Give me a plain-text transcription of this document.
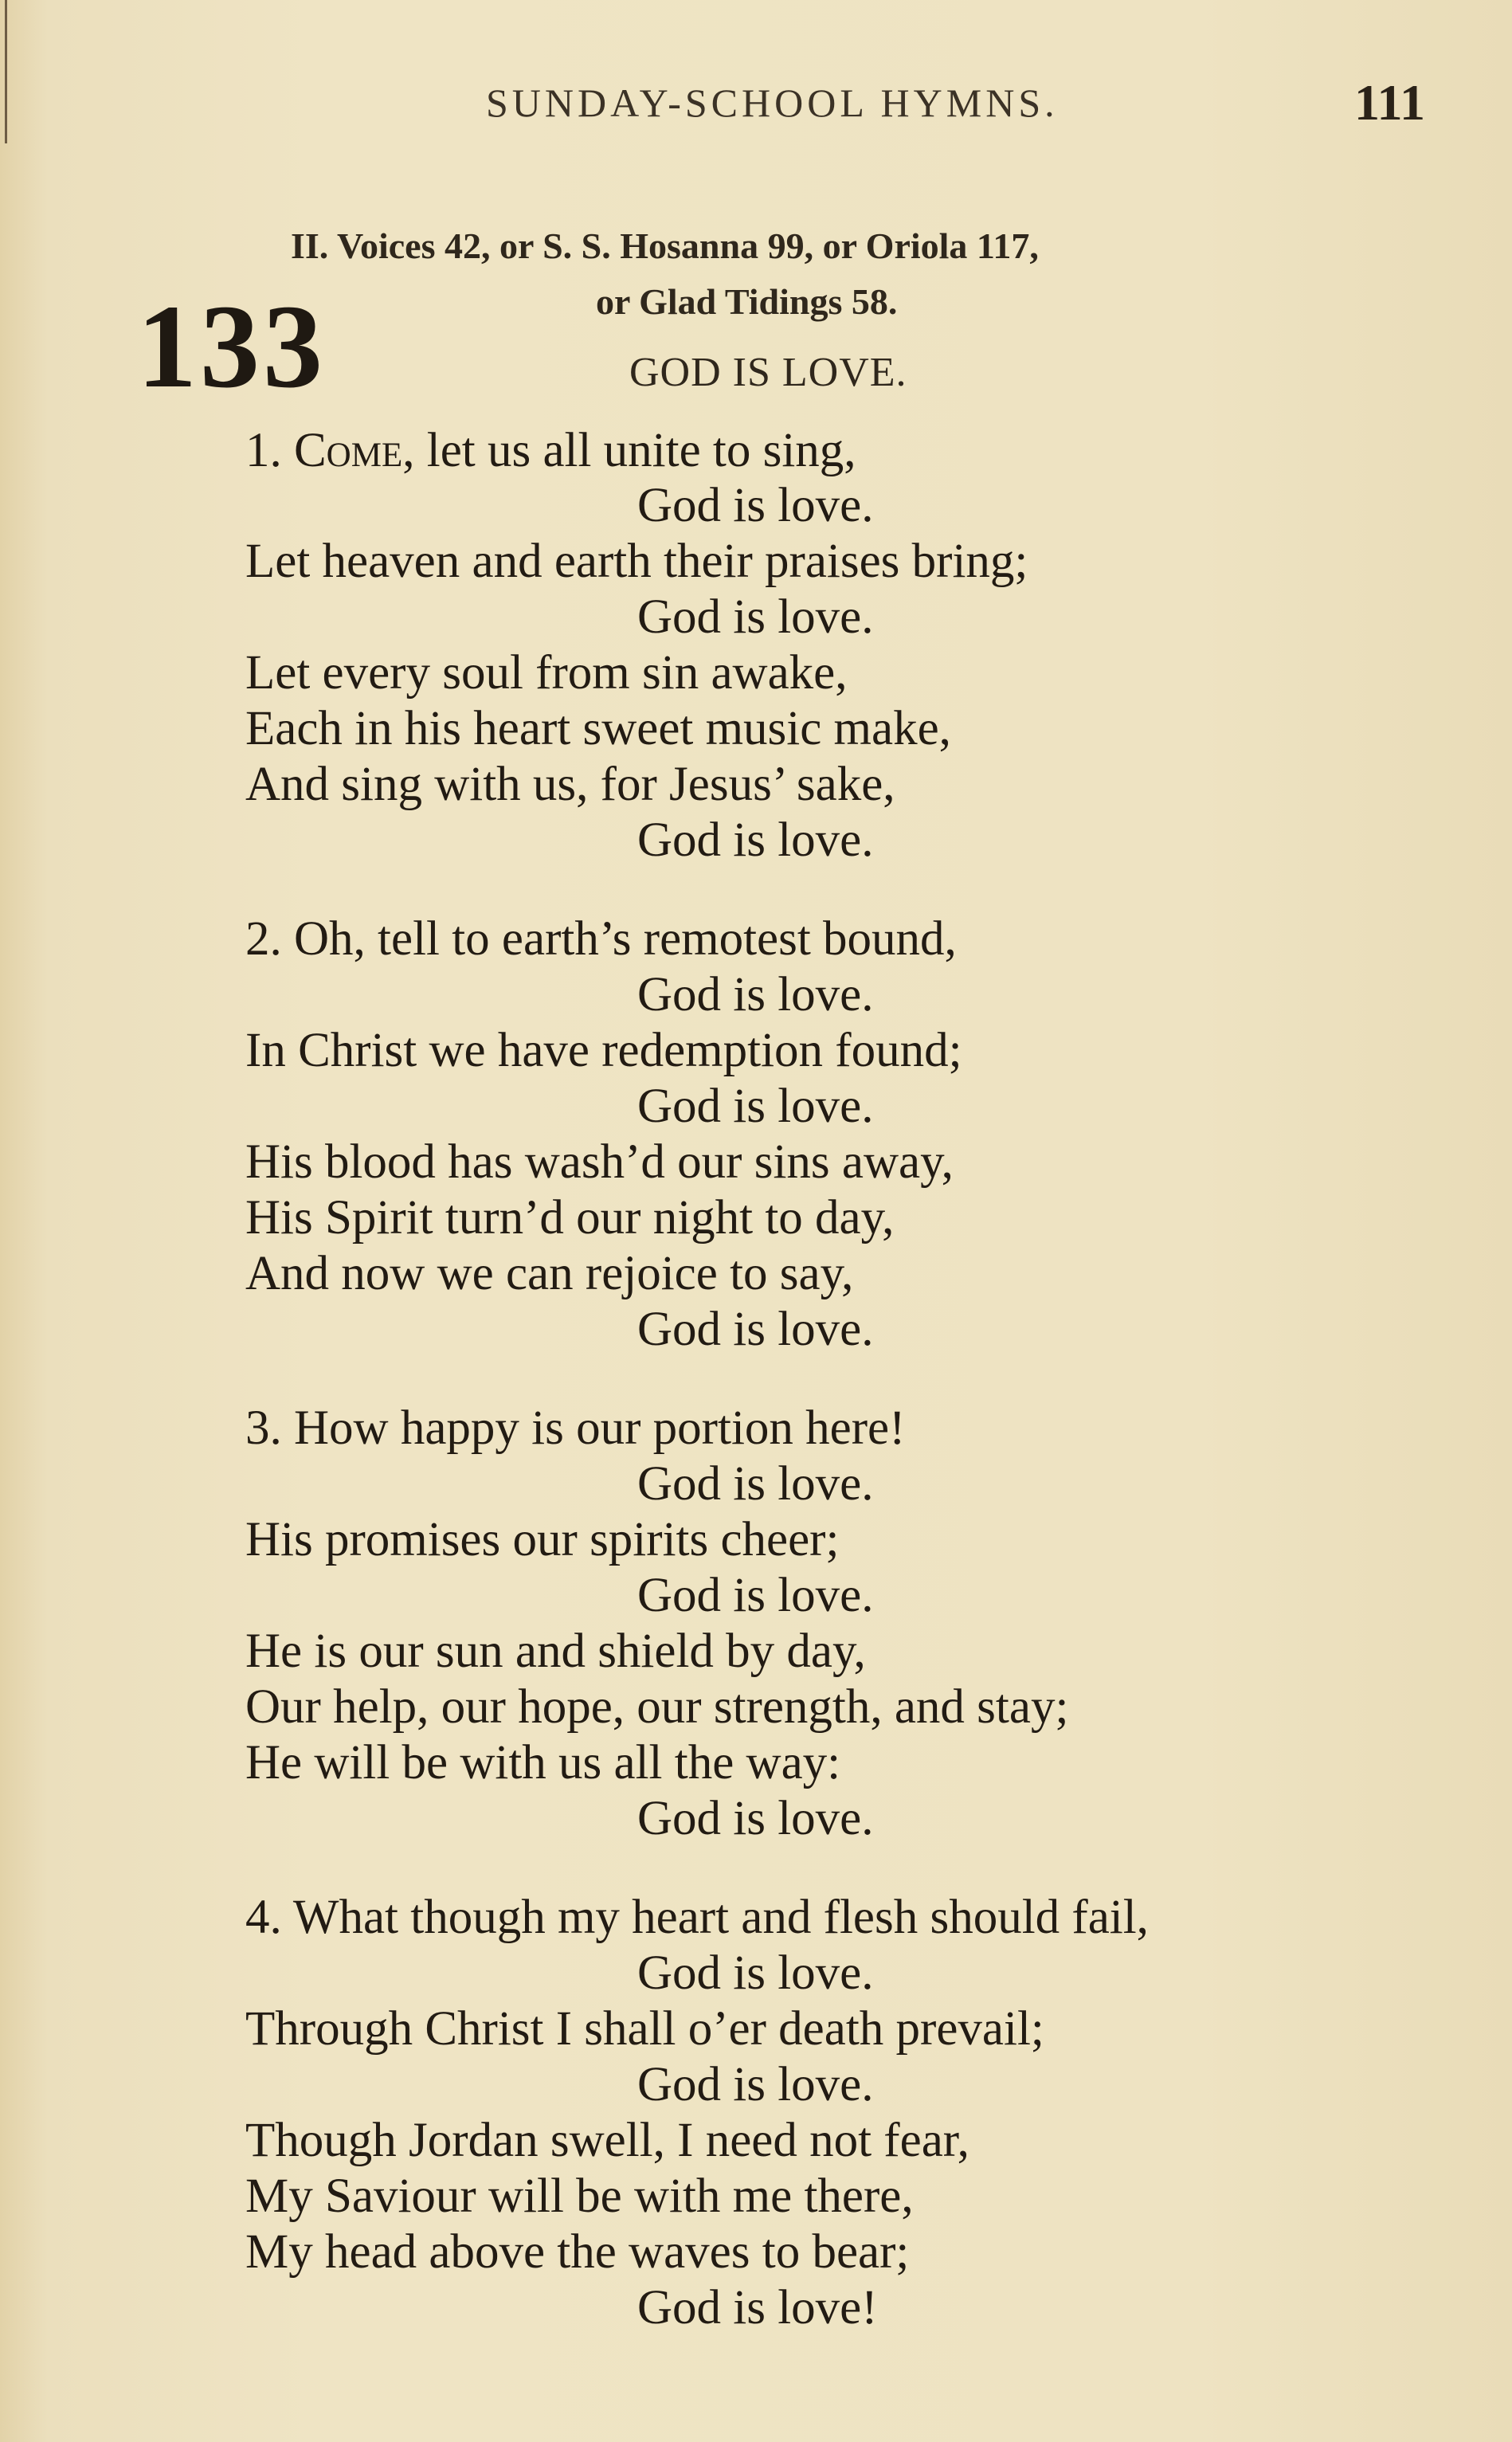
SUNDAY-SCHOOL HYMNS.	111
II. Voices 42, or S. S. Hosanna 99, or Oriola 117,
or Glad Tidings 58.
133	GOD IS LOVE.
1. Come, let us all unite to sing,
God is love.
Let heaven and earth their praises bring;
God is love.
Let every soul from sin awake,
Each in his heart sweet music make,
And sing with us, for Jesus’ sake,
God is love.
2. Oh, tell to earth’s remotest bound,
God is love.
In Christ we have redemption found;
God is love.
His blood has wash’d our sins away,
His Spirit turn’d our night to day,
And now we can rejoice to say,
God is love.
3. How happy is our portion here!
God is love.
His promises our spirits cheer;
God is love.
He is our sun and shield by day,
Our help, our hope, our strength, and stay;
He will be with us all the way:
God is love.
4. What though my heart and flesh should fail,
God is love.
Through Christ I shall o’er death prevail;
God is love.
Though Jordan swell, I need not fear,
My Saviour will be with me there,
My head above the waves to bear;
God is love!
